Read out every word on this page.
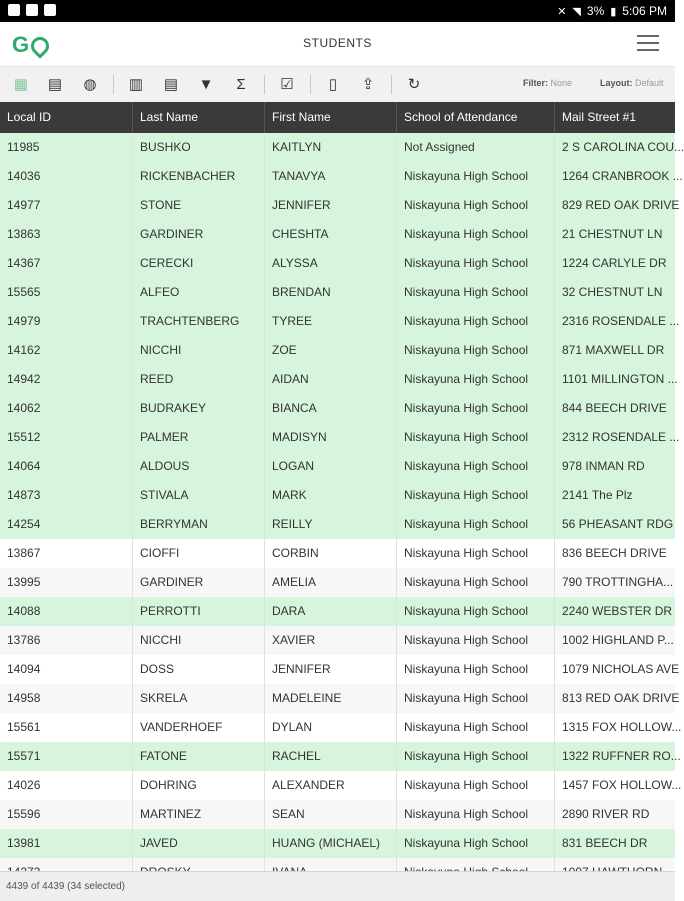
✕ ◥ 3% ▮ 5:06 PM
G	STUDENTS
▦ ▤ ◍ ▥ ▤ ▼	Σ	☑	▯	⇪ ↻	Filter: None	Layout: Default
Local ID	Last Name	First Name	School of Attendance	Mail Street #1
11985	BUSHKO	KAITLYN	Not Assigned	2 S CAROLINA COU...
14036	RICKENBACHER	TANAVYA	Niskayuna High School	1264 CRANBROOK ...
14977	STONE	JENNIFER	Niskayuna High School	829 RED OAK DRIVE
13863	GARDINER	CHESHTA	Niskayuna High School	21 CHESTNUT LN
14367	CERECKI	ALYSSA	Niskayuna High School	1224 CARLYLE DR
15565	ALFEO	BRENDAN	Niskayuna High School	32 CHESTNUT LN
14979	TRACHTENBERG	TYREE	Niskayuna High School	2316 ROSENDALE ...
14162	NICCHI	ZOE	Niskayuna High School	871 MAXWELL DR
14942	REED	AIDAN	Niskayuna High School	1101 MILLINGTON ...
14062	BUDRAKEY	BIANCA	Niskayuna High School	844 BEECH DRIVE
15512	PALMER	MADISYN	Niskayuna High School	2312 ROSENDALE ...
14064	ALDOUS	LOGAN	Niskayuna High School	978 INMAN RD
14873	STIVALA	MARK	Niskayuna High School	2141 The Plz
14254	BERRYMAN	REILLY	Niskayuna High School	56 PHEASANT RDG
13867	CIOFFI	CORBIN	Niskayuna High School	836 BEECH DRIVE
13995	GARDINER	AMELIA	Niskayuna High School	790 TROTTINGHA...
14088	PERROTTI	DARA	Niskayuna High School	2240 WEBSTER DR
13786	NICCHI	XAVIER	Niskayuna High School	1002 HIGHLAND P...
14094	DOSS	JENNIFER	Niskayuna High School	1079 NICHOLAS AVE
14958	SKRELA	MADELEINE	Niskayuna High School	813 RED OAK DRIVE
15561	VANDERHOEF	DYLAN	Niskayuna High School	1315 FOX HOLLOW...
15571	FATONE	RACHEL	Niskayuna High School	1322 RUFFNER RO...
14026	DOHRING	ALEXANDER	Niskayuna High School	1457 FOX HOLLOW...
15596	MARTINEZ	SEAN	Niskayuna High School	2890 RIVER RD
13981	JAVED	HUANG (MICHAEL)	Niskayuna High School	831 BEECH DR
4439 of 4439 (34 selected)
